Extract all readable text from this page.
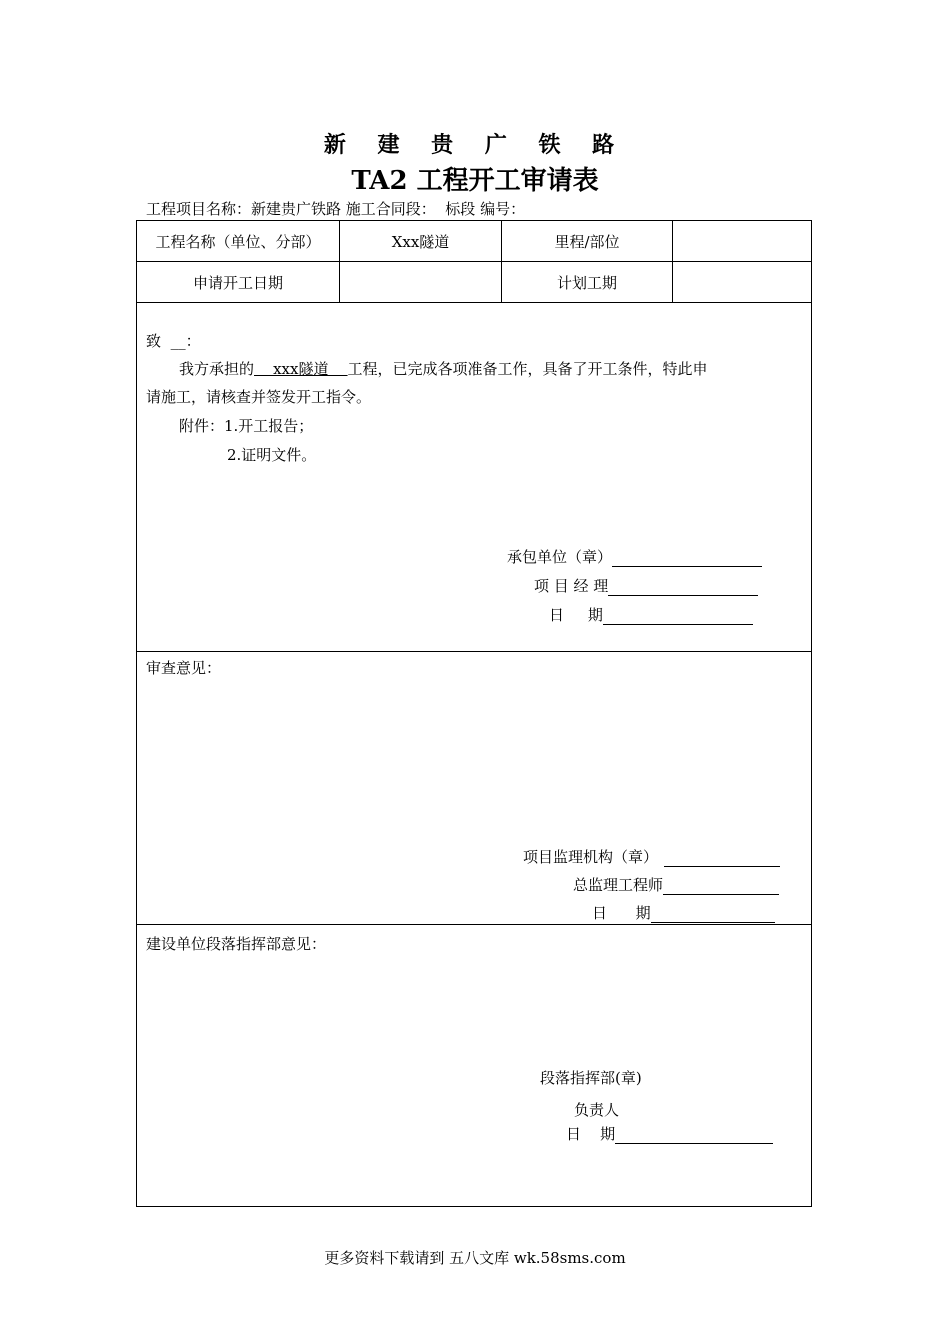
新 建 贵 广 铁 路
TA2 工程开工审请表
工程项目名称：新建贵广铁路 施工合同段：  标段 编号：
工程名称（单位、分部）	Xxx隧道	里程/部位	
申请开工日期		计划工期	
致 __：
我方承担的    xxx隧道    工程，已完成各项准备工作，具备了开工条件，特此申
请施工，请核查并签发开工指令。
附件：1.开工报告；
2.证明文件。
承包单位（章）
项 目 经 理
日     期
审查意见：
项目监理机构（章）
总监理工程师
日      期
建设单位段落指挥部意见：
段落指挥部(章)
负责人
日    期
更多资料下载请到 五八文库 wk.58sms.com
